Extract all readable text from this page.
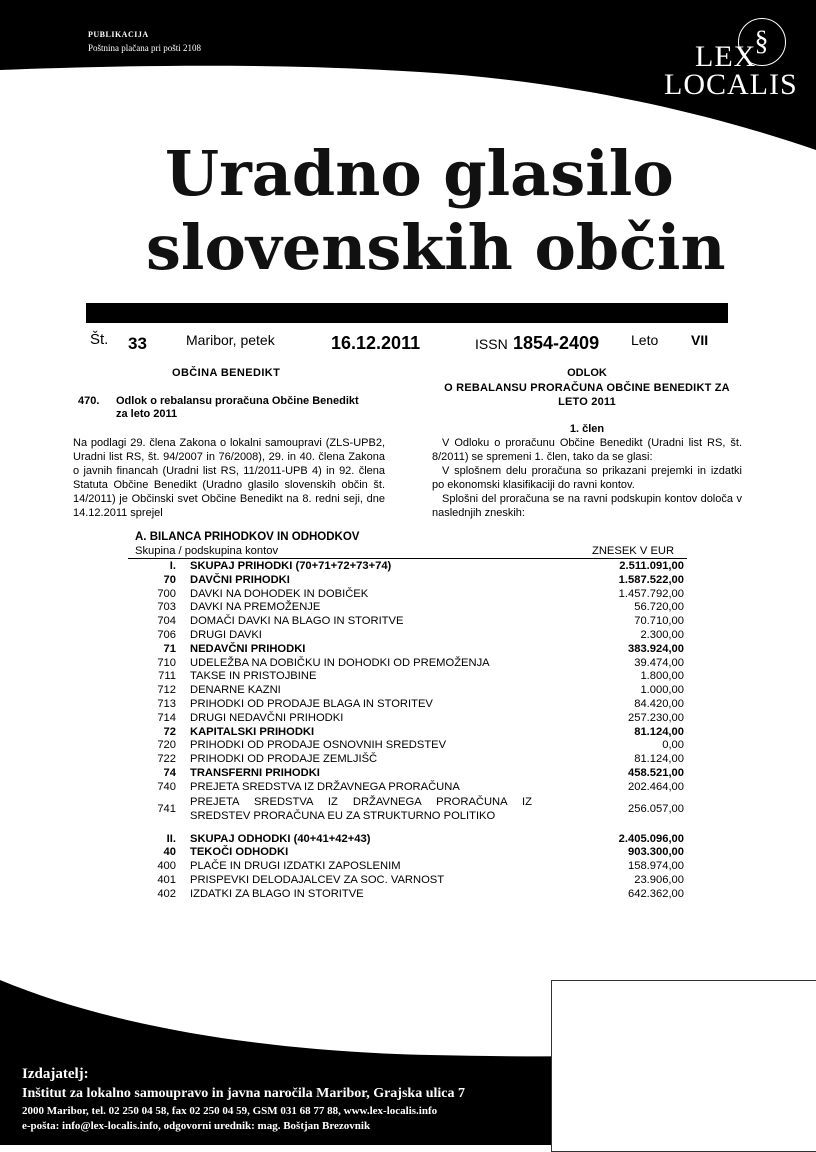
PUBLIKACIJA
Poštnina plačana pri pošti 2108	§
LEX
LOCALIS
Uradno glasilo
slovenskih občin
Št. 33	Maribor, petek	16.12.2011	ISSN 1854-2409 Leto VII
OBČINA BENEDIKT
470. Odlok o rebalansu proračuna Občine Benedikt za leto 2011
Na podlagi 29. člena Zakona o lokalni samoupravi (ZLS-UPB2, Uradni list RS, št. 94/2007 in 76/2008), 29. in 40. člena Zakona o javnih financah (Uradni list RS, 11/2011-UPB 4) in 92. člena Statuta Občine Benedikt (Uradno glasilo slovenskih občin št. 14/2011) je Občinski svet Občine Benedikt na 8. redni seji, dne 14.12.2011 sprejel
ODLOK
O REBALANSU PRORAČUNA OBČINE BENEDIKT ZA LETO 2011
1. člen
V Odloku o proračunu Občine Benedikt (Uradni list RS, št. 8/2011) se spremeni 1. člen, tako da se glasi:
V splošnem delu proračuna so prikazani prejemki in izdatki po ekonomski klasifikaciji do ravni kontov.
Splošni del proračuna se na ravni podskupin kontov določa v naslednjih zneskih:
A. BILANCA PRIHODKOV IN ODHODKOV
Skupina / podskupina kontov	ZNESEK V EUR
I.	SKUPAJ PRIHODKI (70+71+72+73+74)	2.511.091,00
70	DAVČNI PRIHODKI	1.587.522,00
700	DAVKI NA DOHODEK IN DOBIČEK	1.457.792,00
703	DAVKI NA PREMOŽENJE	56.720,00
704	DOMAČI DAVKI NA BLAGO IN STORITVE	70.710,00
706	DRUGI DAVKI	2.300,00
71	NEDAVČNI PRIHODKI	383.924,00
710	UDELEŽBA NA DOBIČKU IN DOHODKI OD PREMOŽENJA	39.474,00
711	TAKSE IN PRISTOJBINE	1.800,00
712	DENARNE KAZNI	1.000,00
713	PRIHODKI OD PRODAJE BLAGA IN STORITEV	84.420,00
714	DRUGI NEDAVČNI PRIHODKI	257.230,00
72	KAPITALSKI PRIHODKI	81.124,00
720	PRIHODKI OD PRODAJE OSNOVNIH SREDSTEV	0,00
722	PRIHODKI OD PRODAJE ZEMLJIŠČ	81.124,00
74	TRANSFERNI PRIHODKI	458.521,00
740	PREJETA SREDSTVA IZ DRŽAVNEGA PRORAČUNA	202.464,00
741	PREJETA SREDSTVA IZ DRŽAVNEGA PRORAČUNA IZ
SREDSTEV PRORAČUNA EU ZA STRUKTURNO POLITIKO	256.057,00

II.	SKUPAJ ODHODKI (40+41+42+43)	2.405.096,00
40	TEKOČI ODHODKI	903.300,00
400	PLAČE IN DRUGI IZDATKI ZAPOSLENIM	158.974,00
401	PRISPEVKI DELODAJALCEV ZA SOC. VARNOST	23.906,00
402	IZDATKI ZA BLAGO IN STORITVE	642.362,00
Izdajatelj:
Inštitut za lokalno samoupravo in javna naročila Maribor, Grajska ulica 7
2000 Maribor, tel. 02 250 04 58, fax 02 250 04 59, GSM 031 68 77 88, www.lex-localis.info
e-pošta: info@lex-localis.info, odgovorni urednik: mag. Boštjan Brezovnik
